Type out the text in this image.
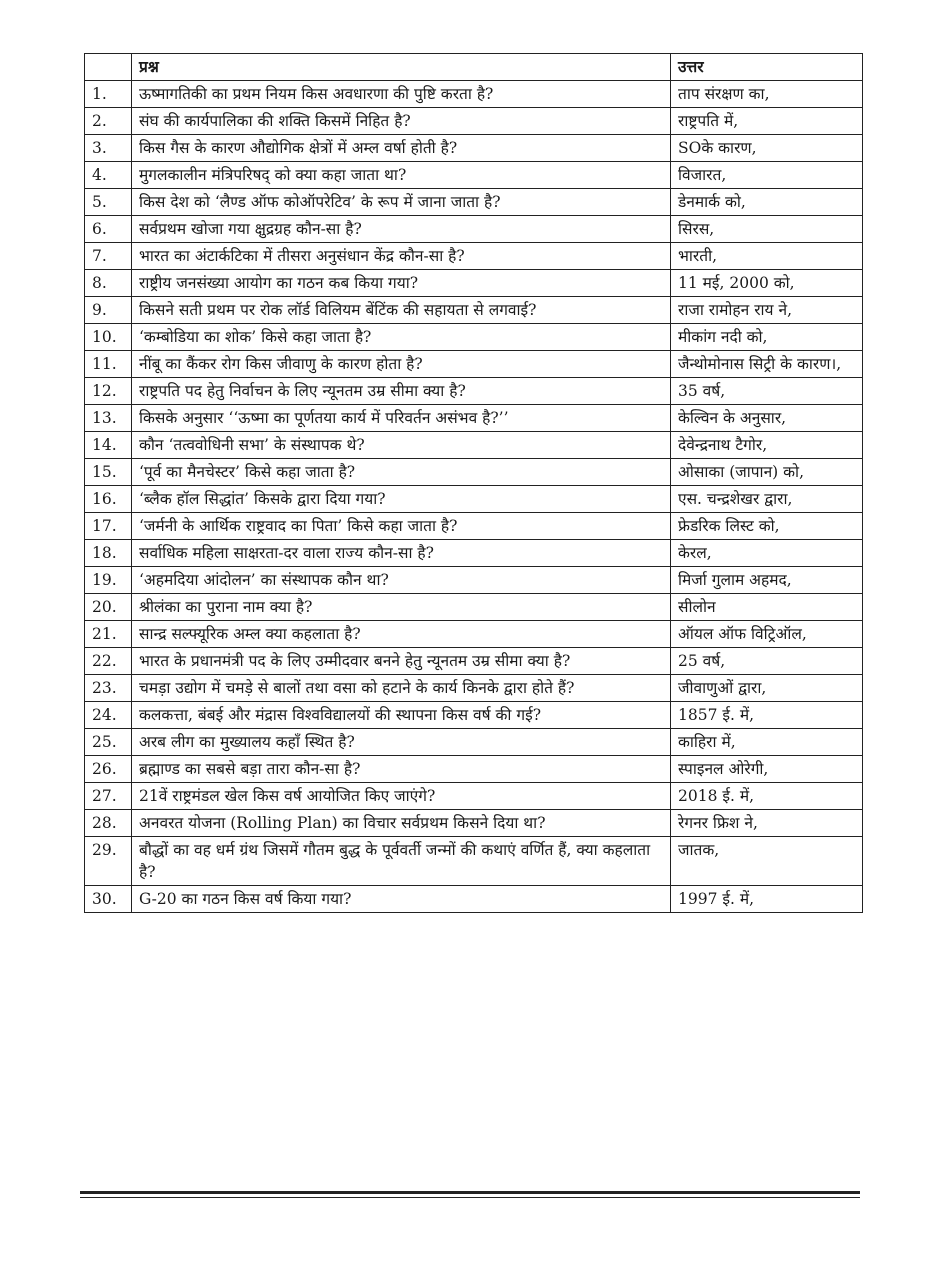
	प्रश्न	उत्तर
1.	ऊष्मागतिकी का प्रथम नियम किस अवधारणा की पुष्टि करता है?	ताप संरक्षण का,
2.	संघ की कार्यपालिका की शक्ति किसमें निहित है?	राष्ट्रपति में,
3.	किस गैस के कारण औद्योगिक क्षेत्रों में अम्ल वर्षा होती है?	SOके कारण,
4.	मुगलकालीन मंत्रिपरिषद् को क्या कहा जाता था?	विजारत,
5.	किस देश को ‘लैण्ड ऑफ कोऑपरेटिव’ के रूप में जाना जाता है?	डेनमार्क को,
6.	सर्वप्रथम खोजा गया क्षुद्रग्रह कौन-सा है?	सिरस,
7.	भारत का अंटार्कटिका में तीसरा अनुसंधान केंद्र कौन-सा है?	भारती,
8.	राष्ट्रीय जनसंख्या आयोग का गठन कब किया गया?	11 मई, 2000 को,
9.	किसने सती प्रथम पर रोक लॉर्ड विलियम बेंटिंक की सहायता से लगवाई?	राजा रामोहन राय ने,
10.	‘कम्बोडिया का शोक’ किसे कहा जाता है?	मीकांग नदी को,
11.	नींबू का कैंकर रोग किस जीवाणु के कारण होता है?	जैन्थोमोनास सिट्री के कारण।,
12.	राष्ट्रपति पद हेतु निर्वाचन के लिए न्यूनतम उम्र सीमा क्या है?	35 वर्ष,
13.	किसके अनुसार ‘‘ऊष्मा का पूर्णतया कार्य में परिवर्तन असंभव है?’’	केल्विन के अनुसार,
14.	कौन ‘तत्ववोधिनी सभा’ के संस्थापक थे?	देवेन्द्रनाथ टैगोर,
15.	‘पूर्व का मैनचेस्टर’ किसे कहा जाता है?	ओसाका (जापान) को,
16.	‘ब्लैक हॉल सिद्धांत’ किसके द्वारा दिया गया?	एस. चन्द्रशेखर द्वारा,
17.	‘जर्मनी के आर्थिक राष्ट्रवाद का पिता’ किसे कहा जाता है?	फ्रेडरिक लिस्ट को,
18.	सर्वाधिक महिला साक्षरता-दर वाला राज्य कौन-सा है?	केरल,
19.	‘अहमदिया आंदोलन’ का संस्थापक कौन था?	मिर्जा गुलाम अहमद,
20.	श्रीलंका का पुराना नाम क्या है?	सीलोन
21.	सान्द्र सल्फ्यूरिक अम्ल क्या कहलाता है?	ऑयल ऑफ विट्रिऑल,
22.	भारत के प्रधानमंत्री पद के लिए उम्मीदवार बनने हेतु न्यूनतम उम्र सीमा क्या है?	25 वर्ष,
23.	चमड़ा उद्योग में चमड़े से बालों तथा वसा को हटाने के कार्य किनके द्वारा होते हैं?	जीवाणुओं द्वारा,
24.	कलकत्ता, बंबई और मंद्रास विश्वविद्यालयों की स्थापना किस वर्ष की गई?	1857 ई. में,
25.	अरब लीग का मुख्यालय कहाँ स्थित है?	काहिरा में,
26.	ब्रह्माण्ड का सबसे बड़ा तारा कौन-सा है?	स्पाइनल ओरेगी,
27.	21वें राष्ट्रमंडल खेल किस वर्ष आयोजित किए जाएंगे?	2018 ई. में,
28.	अनवरत योजना (Rolling Plan) का विचार सर्वप्रथम किसने दिया था?	रेगनर फ्रिश ने,
29.	बौद्धों का वह धर्म ग्रंथ जिसमें गौतम बुद्ध के पूर्ववर्ती जन्मों की कथाएं वर्णित हैं, क्या कहलाता है?	जातक,
30.	G-20 का गठन किस वर्ष किया गया?	1997 ई. में,
